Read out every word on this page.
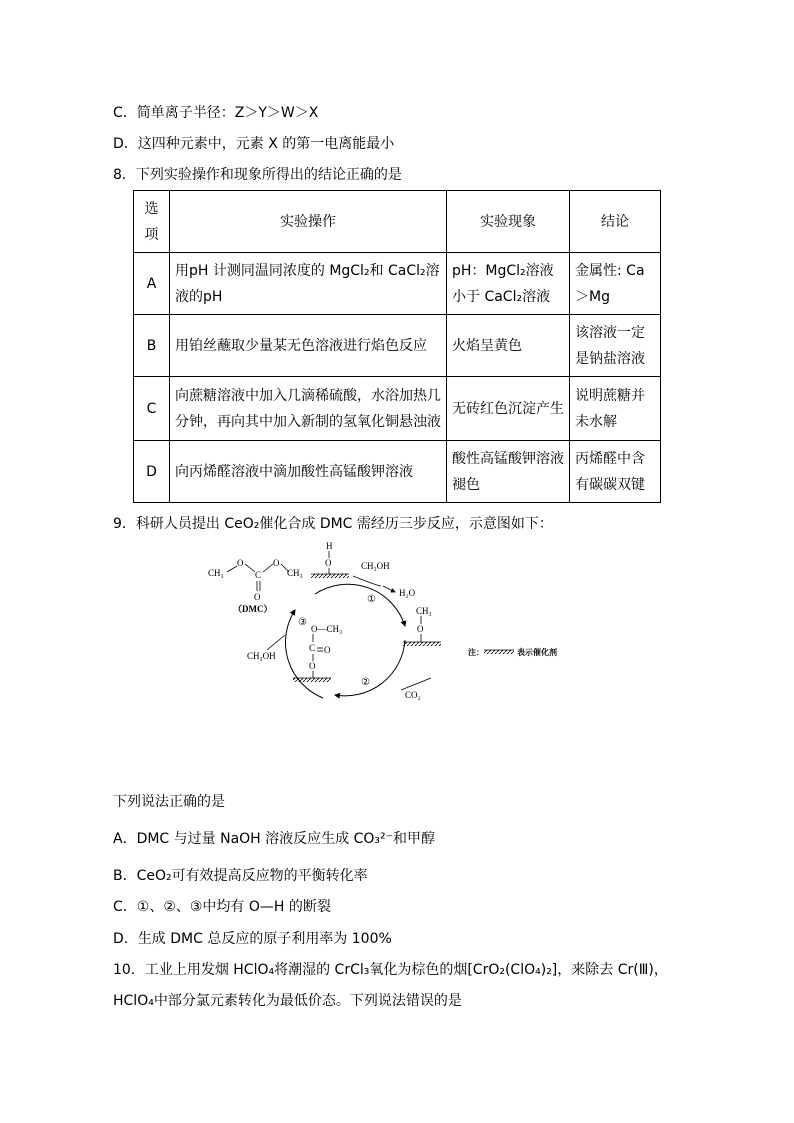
C．简单离子半径：Z＞Y＞W＞X
D．这四种元素中，元素 X 的第一电离能最小
8．下列实验操作和现象所得出的结论正确的是
选项	实验操作	实验现象	结论
A	用pH 计测同温同浓度的 MgCl₂和 CaCl₂溶液的pH	pH：MgCl₂溶液小于 CaCl₂溶液	金属性: Ca＞Mg
B	用铂丝蘸取少量某无色溶液进行焰色反应	火焰呈黄色	该溶液一定是钠盐溶液
C	向蔗糖溶液中加入几滴稀硫酸，水浴加热几分钟，再向其中加入新制的氢氧化铜悬浊液	无砖红色沉淀产生	说明蔗糖并未水解
D	向丙烯醛溶液中滴加酸性高锰酸钾溶液	酸性高锰酸钾溶液褪色	丙烯醛中含有碳碳双键
9．科研人员提出 CeO₂催化合成 DMC 需经历三步反应，示意图如下：
CH₃
O
C
O
CH₃
O
（DMC）
H
O	CH₃OH
①
H₂O
CH₃
O
②
CO₂
O—CH₃
C O
O
③
CH₃OH	注：	表示催化剂
下列说法正确的是
A．DMC 与过量 NaOH 溶液反应生成 CO₃²⁻和甲醇
B．CeO₂可有效提高反应物的平衡转化率
C．①、②、③中均有 O—H 的断裂
D．生成 DMC 总反应的原子利用率为 100%
10．工业上用发烟 HClO₄将潮湿的 CrCl₃氧化为棕色的烟[CrO₂(ClO₄)₂]，来除去 Cr(Ⅲ)，
HClO₄中部分氯元素转化为最低价态。下列说法错误的是
